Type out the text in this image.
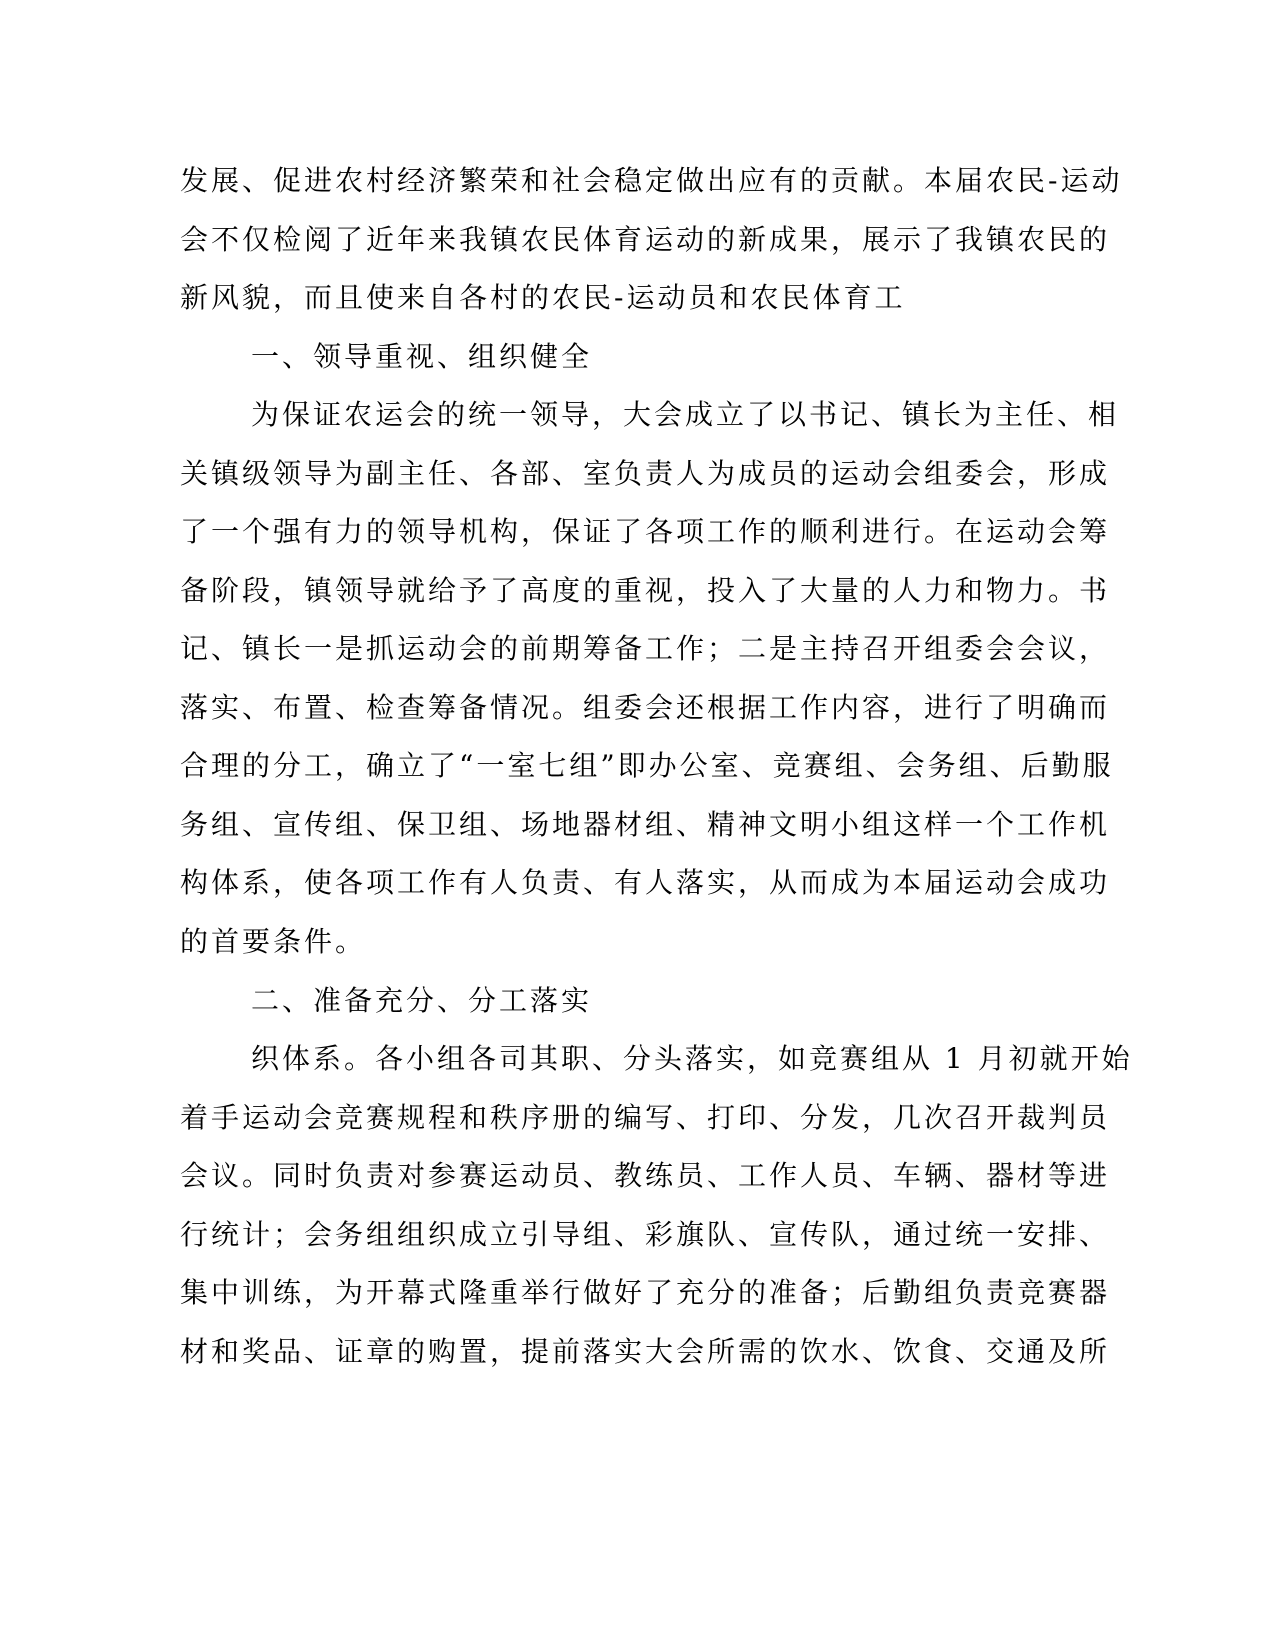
发展、促进农村经济繁荣和社会稳定做出应有的贡献。本届农民-运动
会不仅检阅了近年来我镇农民体育运动的新成果，展示了我镇农民的
新风貌，而且使来自各村的农民-运动员和农民体育工
一、领导重视、组织健全
为保证农运会的统一领导，大会成立了以书记、镇长为主任、相
关镇级领导为副主任、各部、室负责人为成员的运动会组委会，形成
了一个强有力的领导机构，保证了各项工作的顺利进行。在运动会筹
备阶段，镇领导就给予了高度的重视，投入了大量的人力和物力。书
记、镇长一是抓运动会的前期筹备工作；二是主持召开组委会会议，
落实、布置、检查筹备情况。组委会还根据工作内容，进行了明确而
合理的分工，确立了“一室七组”即办公室、竞赛组、会务组、后勤服
务组、宣传组、保卫组、场地器材组、精神文明小组这样一个工作机
构体系，使各项工作有人负责、有人落实，从而成为本届运动会成功
的首要条件。
二、准备充分、分工落实
织体系。各小组各司其职、分头落实，如竞赛组从 1 月初就开始
着手运动会竞赛规程和秩序册的编写、打印、分发，几次召开裁判员
会议。同时负责对参赛运动员、教练员、工作人员、车辆、器材等进
行统计；会务组组织成立引导组、彩旗队、宣传队，通过统一安排、
集中训练，为开幕式隆重举行做好了充分的准备；后勤组负责竞赛器
材和奖品、证章的购置，提前落实大会所需的饮水、饮食、交通及所
